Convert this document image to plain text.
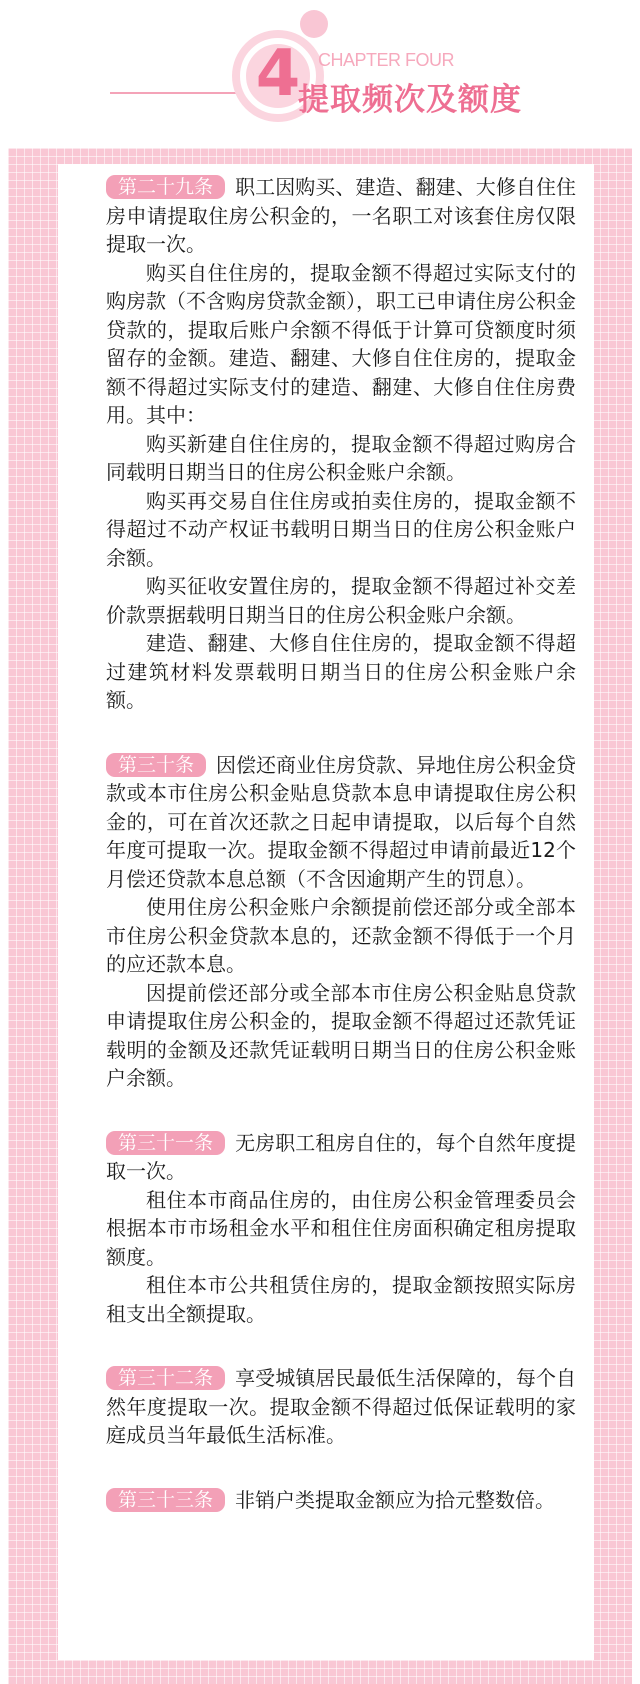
4 CHAPTER FOUR
提取频次及额度

第二十九条 职工因购买、建造、翻建、大修自住住房申请提取住房公积金的，一名职工对该套住房仅限提取一次。

购买自住住房的，提取金额不得超过实际支付的购房款（不含购房贷款金额），职工已申请住房公积金贷款的，提取后账户余额不得低于计算可贷额度时须留存的金额。建造、翻建、大修自住住房的，提取金额不得超过实际支付的建造、翻建、大修自住住房费用。其中：

购买新建自住住房的，提取金额不得超过购房合同载明日期当日的住房公积金账户余额。

购买再交易自住住房或拍卖住房的，提取金额不得超过不动产权证书载明日期当日的住房公积金账户余额。

购买征收安置住房的，提取金额不得超过补交差价款票据载明日期当日的住房公积金账户余额。

建造、翻建、大修自住住房的，提取金额不得超过建筑材料发票载明日期当日的住房公积金账户余额。

第三十条 因偿还商业住房贷款、异地住房公积金贷款或本市住房公积金贴息贷款本息申请提取住房公积金的，可在首次还款之日起申请提取，以后每个自然年度可提取一次。提取金额不得超过申请前最近12个月偿还贷款本息总额（不含因逾期产生的罚息）。

使用住房公积金账户余额提前偿还部分或全部本市住房公积金贷款本息的，还款金额不得低于一个月的应还款本息。

因提前偿还部分或全部本市住房公积金贴息贷款申请提取住房公积金的，提取金额不得超过还款凭证载明的金额及还款凭证载明日期当日的住房公积金账户余额。

第三十一条 无房职工租房自住的，每个自然年度提取一次。

租住本市商品住房的，由住房公积金管理委员会根据本市市场租金水平和租住住房面积确定租房提取额度。

租住本市公共租赁住房的，提取金额按照实际房租支出全额提取。

第三十二条 享受城镇居民最低生活保障的，每个自然年度提取一次。提取金额不得超过低保证载明的家庭成员当年最低生活标准。

第三十三条 非销户类提取金额应为拾元整数倍。
